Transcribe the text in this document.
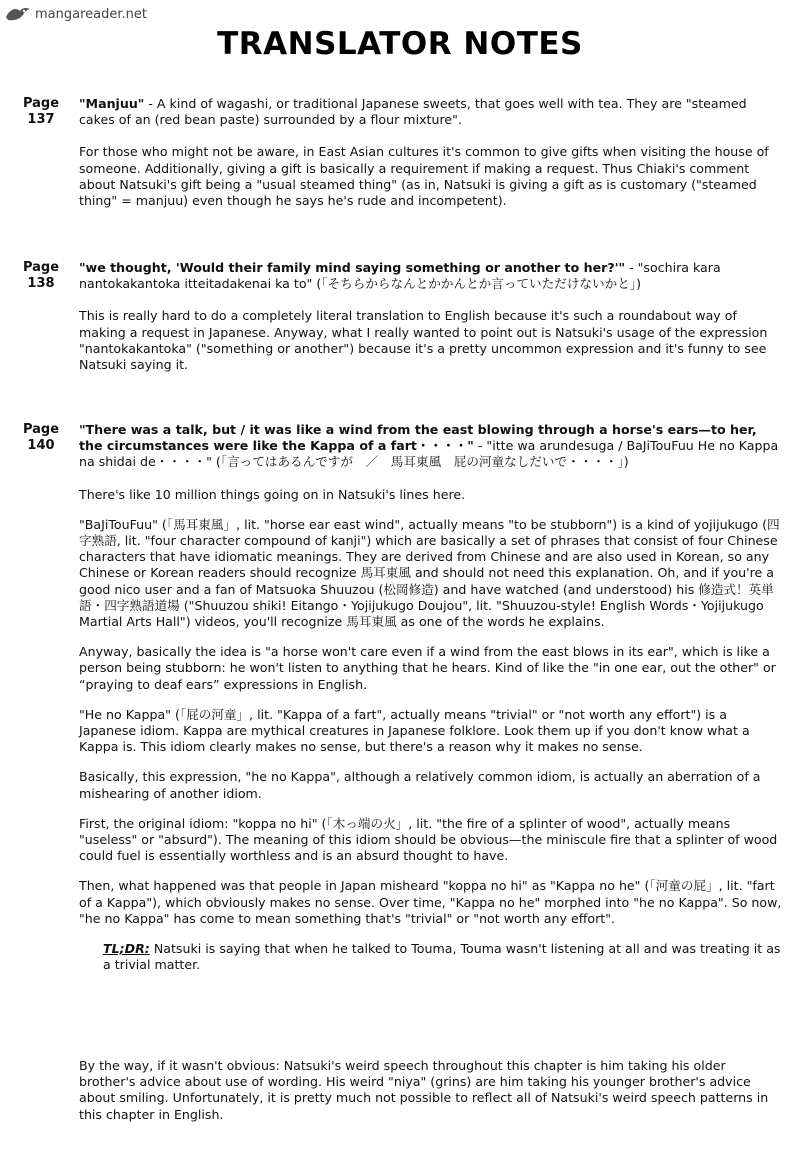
mangareader.net
TRANSLATOR NOTES
Page
137

"Manjuu" - A kind of wagashi, or traditional Japanese sweets, that goes well with tea. They are "steamed cakes of an (red bean paste) surrounded by a flour mixture".

For those who might not be aware, in East Asian cultures it's common to give gifts when visiting the house of someone. Additionally, giving a gift is basically a requirement if making a request. Thus Chiaki's comment about Natsuki's gift being a "usual steamed thing" (as in, Natsuki is giving a gift as is customary ("steamed thing" = manjuu) even though he says he's rude and incompetent).

Page
138

"we thought, 'Would their family mind saying something or another to her?'" - "sochira kara nantokakantoka itteitadakenai ka to" (「そちらからなんとかかんとか言っていただけないかと」)

This is really hard to do a completely literal translation to English because it's such a roundabout way of making a request in Japanese. Anyway, what I really wanted to point out is Natsuki's usage of the expression "nantokakantoka" ("something or another") because it's a pretty uncommon expression and it's funny to see Natsuki saying it.

Page
140

"There was a talk, but / it was like a wind from the east blowing through a horse's ears—to her, the circumstances were like the Kappa of a fart・・・・" - "itte wa arundesuga / BaJiTouFuu He no Kappa na shidai de・・・・" (「言ってはあるんですが　／　馬耳東風　屁の河童なしだいで・・・・」)

There's like 10 million things going on in Natsuki's lines here.

"BaJiTouFuu" (「馬耳東風」, lit. "horse ear east wind", actually means "to be stubborn") is a kind of yojijukugo (四字熟語, lit. "four character compound of kanji") which are basically a set of phrases that consist of four Chinese characters that have idiomatic meanings. They are derived from Chinese and are also used in Korean, so any Chinese or Korean readers should recognize 馬耳東風 and should not need this explanation. Oh, and if you're a good nico user and a fan of Matsuoka Shuuzou (松岡修造) and have watched (and understood) his 修造式！英単語・四字熟語道場 ("Shuuzou shiki! Eitango・Yojijukugo Doujou", lit. "Shuuzou-style! English Words・Yojijukugo Martial Arts Hall") videos, you'll recognize 馬耳東風 as one of the words he explains.

Anyway, basically the idea is "a horse won't care even if a wind from the east blows in its ear", which is like a person being stubborn: he won't listen to anything that he hears. Kind of like the "in one ear, out the other" or “praying to deaf ears” expressions in English.

"He no Kappa" (「屁の河童」, lit. "Kappa of a fart", actually means "trivial" or "not worth any effort") is a Japanese idiom. Kappa are mythical creatures in Japanese folklore. Look them up if you don't know what a Kappa is. This idiom clearly makes no sense, but there's a reason why it makes no sense.

Basically, this expression, "he no Kappa", although a relatively common idiom, is actually an aberration of a mishearing of another idiom.

First, the original idiom: "koppa no hi" (「木っ端の火」, lit. "the fire of a splinter of wood", actually means "useless" or "absurd"). The meaning of this idiom should be obvious—the miniscule fire that a splinter of wood could fuel is essentially worthless and is an absurd thought to have.

Then, what happened was that people in Japan misheard "koppa no hi" as "Kappa no he" (「河童の屁」, lit. "fart of a Kappa"), which obviously makes no sense. Over time, "Kappa no he" morphed into "he no Kappa". So now, "he no Kappa" has come to mean something that's "trivial" or "not worth any effort".

TL;DR: Natsuki is saying that when he talked to Touma, Touma wasn't listening at all and was treating it as a trivial matter.

By the way, if it wasn't obvious: Natsuki's weird speech throughout this chapter is him taking his older brother's advice about use of wording. His weird "niya" (grins) are him taking his younger brother's advice about smiling. Unfortunately, it is pretty much not possible to reflect all of Natsuki's weird speech patterns in this chapter in English.
